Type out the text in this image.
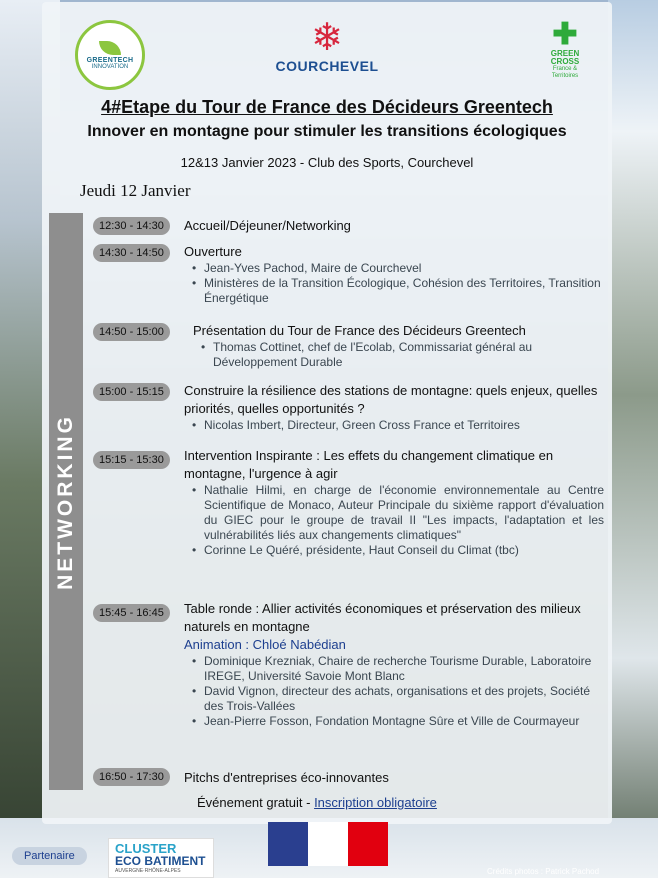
GREENTECH
INNOVATION
❄
COURCHEVEL
✚
GREEN
CROSS
France &
Territoires
4#Etape du Tour de France des Décideurs Greentech
Innover en montagne pour stimuler les transitions écologiques
12&13 Janvier 2023 - Club des Sports, Courchevel
Jeudi 12 Janvier
NETWORKING
12:30 - 14:30	Accueil/Déjeuner/Networking
14:30 - 14:50	Ouverture
• Jean-Yves Pachod, Maire de Courchevel
• Ministères de la Transition Écologique, Cohésion des Territoires, Transition Énergétique
14:50 - 15:00	Présentation du Tour de France des Décideurs Greentech
• Thomas Cottinet, chef de l'Ecolab, Commissariat général au Développement Durable
15:00 - 15:15	Construire la résilience des stations de montagne: quels enjeux, quelles priorités, quelles opportunités ?
• Nicolas Imbert, Directeur, Green Cross France et Territoires
15:15 - 15:30	Intervention Inspirante : Les effets du changement climatique en montagne, l'urgence à agir
• Nathalie Hilmi, en charge de l'économie environnementale au Centre Scientifique de Monaco, Auteur Principale du sixième rapport d'évaluation du GIEC pour le groupe de travail II "Les impacts, l'adaptation et les vulnérabilités liés aux changements climatiques"
• Corinne Le Quéré, présidente, Haut Conseil du Climat (tbc)
15:45 - 16:45	Table ronde : Allier activités économiques et préservation des milieux naturels en montagne
Animation : Chloé Nabédian
• Dominique Krezniak, Chaire de recherche Tourisme Durable, Laboratoire IREGE, Université Savoie Mont Blanc
• David Vignon, directeur des achats, organisations et des projets, Société des Trois-Vallées
• Jean-Pierre Fosson, Fondation Montagne Sûre et Ville de Courmayeur
16:50 - 17:30	Pitchs d'entreprises éco-innovantes
Événement gratuit - Inscription obligatoire
Partenaire	CLUSTER
ECO BATIMENT
AUVERGNE·RHÔNE-ALPES	Crédits photos : Patrick Pachod
